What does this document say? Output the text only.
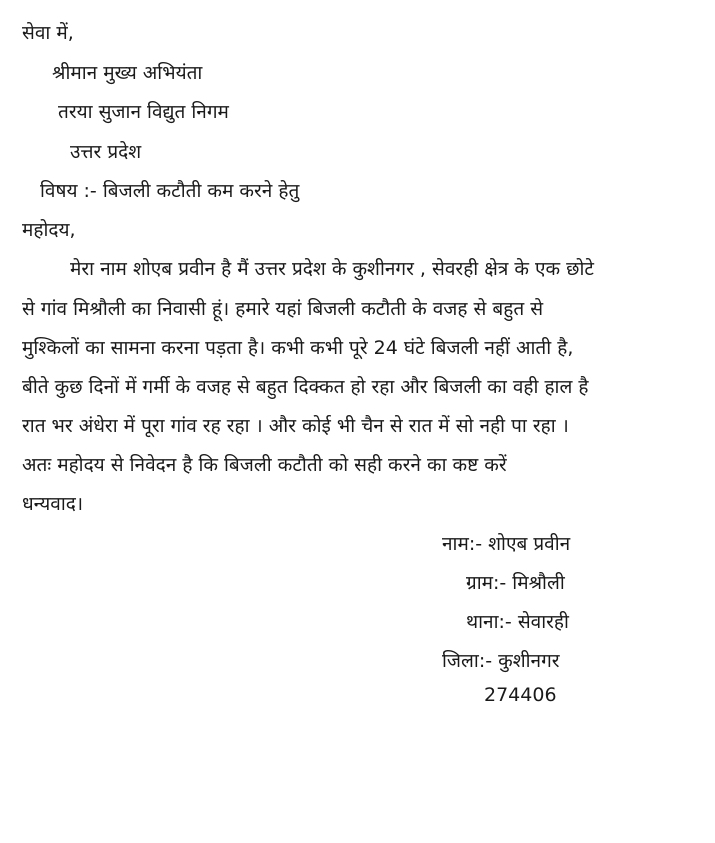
सेवा में,
श्रीमान मुख्य अभियंता
तरया सुजान विद्युत निगम
उत्तर प्रदेश
विषय :- बिजली कटौती कम करने हेतु
महोदय,
मेरा नाम शोएब प्रवीन है मैं उत्तर प्रदेश के कुशीनगर , सेवरही क्षेत्र के एक छोटे
से गांव मिश्रौली का निवासी हूं। हमारे यहां बिजली कटौती के वजह से बहुत से
मुश्किलों का सामना करना पड़ता है। कभी कभी पूरे 24 घंटे बिजली नहीं आती है,
बीते कुछ दिनों में गर्मी के वजह से बहुत दिक्कत हो रहा और बिजली का वही हाल है
रात भर अंधेरा में पूरा गांव रह रहा । और कोई भी चैन से रात में सो नही पा रहा ।
अतः महोदय से निवेदन है कि बिजली कटौती को सही करने का कष्ट करें
धन्यवाद।
नाम:- शोएब प्रवीन
ग्राम:- मिश्रौली
थाना:- सेवारही
जिला:- कुशीनगर
274406
